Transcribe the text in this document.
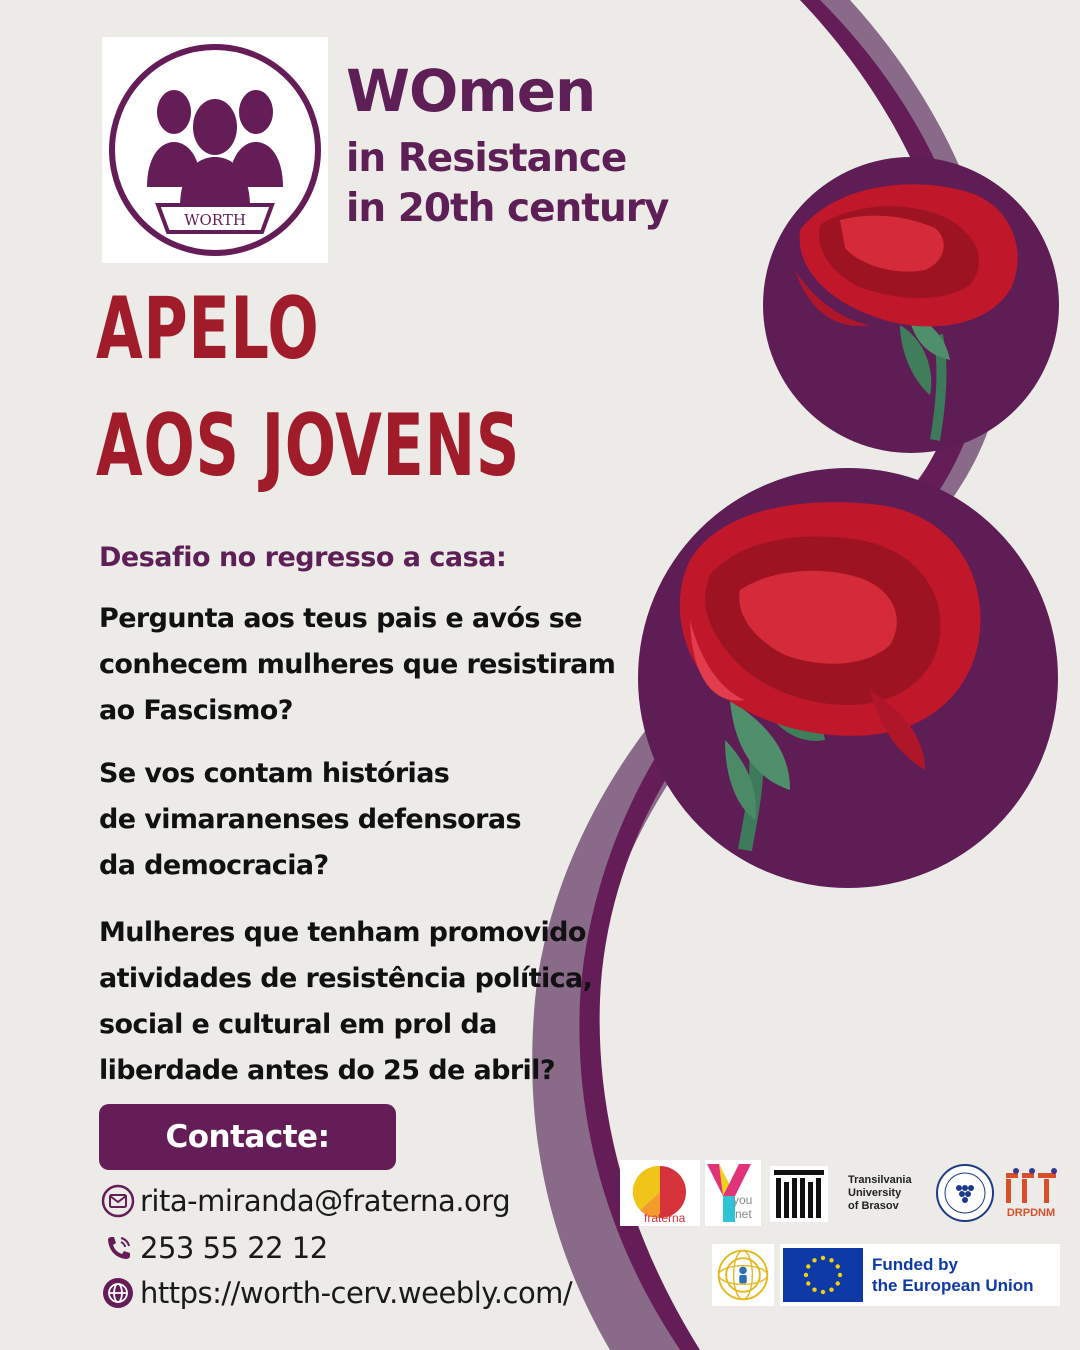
WORTH
WOmen
in Resistance
in 20th century
APELO
AOS JOVENS
Desafio no regresso a casa:
Pergunta aos teus pais e avós se
conhecem mulheres que resistiram
ao Fascismo?
Se vos contam histórias
de vimaranenses defensoras
da democracia?
Mulheres que tenham promovido
atividades de resistência política,
social e cultural em prol da
liberdade antes do 25 de abril?
Contacte:
rita-miranda@fraterna.org
253 55 22 12
https://worth-cerv.weebly.com/
fraterna
you
net
Transilvania
University
of Brasov
DRPDNM
Funded by
the European Union
